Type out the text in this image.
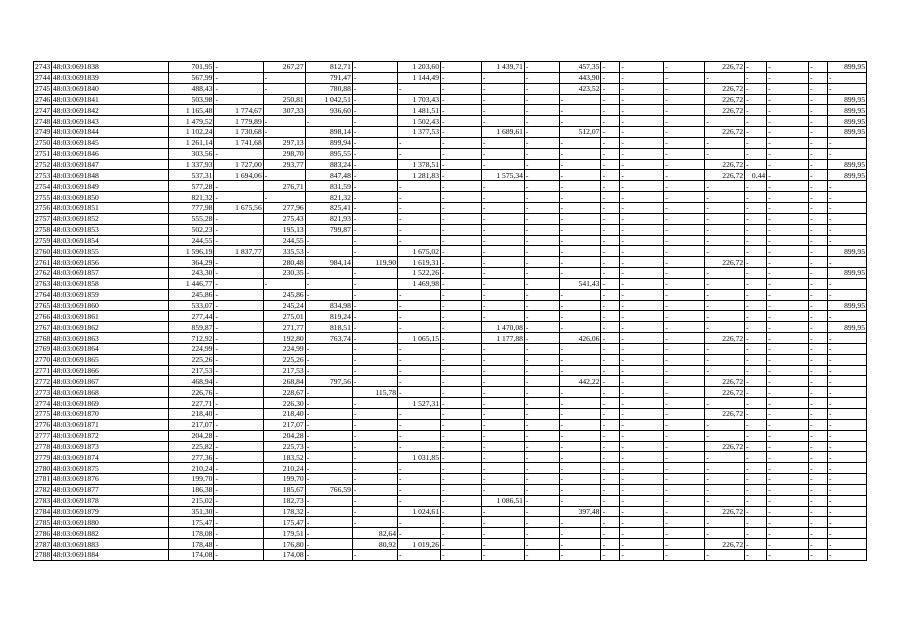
2743	48:03:0691838	701,95	-	267,27	812,71	-	1 203,60	-	1 439,71	-	457,35	-	-	-	226,72	-	-	-	899,95
2744	48:03:0691839	567,99	-	-	791,47	-	1 144,49	-	-	-	443,90	-	-	-	-	-	-	-	-
2745	48:03:0691840	488,43	-	-	780,88	-	-	-	-	-	423,52	-	-	-	226,72	-	-	-	-
2746	48:03:0691841	503,98	-	250,81	1 042,51	-	1 703,43	-	-	-	-	-	-	-	226,72	-	-	-	899,95
2747	48:03:0691842	1 165,48	1 774,67	307,33	936,60	-	1 481,51	-	-	-	-	-	-	-	226,72	-	-	-	899,95
2748	48:03:0691843	1 479,52	1 779,89	-	-	-	1 502,43	-	-	-	-	-	-	-	-	-	-	-	899,95
2749	48:03:0691844	1 102,24	1 730,68	-	898,14	-	1 377,53	-	1 689,61	-	512,07	-	-	-	226,72	-	-	-	899,95
2750	48:03:0691845	1 261,14	1 741,68	297,13	899,94	-	-	-	-	-	-	-	-	-	-	-	-	-	-
2751	48:03:0691846	303,56	-	298,70	895,55	-	-	-	-	-	-	-	-	-	-	-	-	-	-
2752	48:03:0691847	1 337,93	1 727,00	293,77	883,24	-	1 378,51	-	-	-	-	-	-	-	226,72	-	-	-	899,95
2753	48:03:0691848	537,31	1 694,06	-	847,48	-	1 281,83	-	1 575,34	-	-	-	-	-	226,72	0,44	-	-	899,95
2754	48:03:0691849	577,28	-	276,71	831,59	-	-	-	-	-	-	-	-	-	-	-	-	-	-
2755	48:03:0691850	821,32	-	-	821,32	-	-	-	-	-	-	-	-	-	-	-	-	-	-
2756	48:03:0691851	777,98	1 675,56	277,96	825,41	-	-	-	-	-	-	-	-	-	-	-	-	-	-
2757	48:03:0691852	555,28	-	275,43	821,93	-	-	-	-	-	-	-	-	-	-	-	-	-	-
2758	48:03:0691853	502,23	-	195,13	799,87	-	-	-	-	-	-	-	-	-	-	-	-	-	-
2759	48:03:0691854	244,55	-	244,55	-	-	-	-	-	-	-	-	-	-	-	-	-	-	-
2760	48:03:0691855	1 596,19	1 837,77	335,53	-	-	1 675,02	-	-	-	-	-	-	-	-	-	-	-	899,95
2761	48:03:0691856	364,29	-	280,48	984,14	119,90	1 619,31	-	-	-	-	-	-	-	226,72	-	-	-	-
2762	48:03:0691857	243,30	-	230,35	-	-	1 522,26	-	-	-	-	-	-	-	-	-	-	-	899,95
2763	48:03:0691858	1 446,77	-	-	-	-	1 469,98	-	-	-	541,43	-	-	-	-	-	-	-	-
2764	48:03:0691859	245,86	-	245,86	-	-	-	-	-	-	-	-	-	-	-	-	-	-	-
2765	48:03:0691860	533,07	-	245,24	834,98	-	-	-	-	-	-	-	-	-	-	-	-	-	899,95
2766	48:03:0691861	277,44	-	275,01	819,24	-	-	-	-	-	-	-	-	-	-	-	-	-	-
2767	48:03:0691862	859,87	-	271,77	818,51	-	-	-	1 470,08	-	-	-	-	-	-	-	-	-	899,95
2768	48:03:0691863	712,92	-	192,80	763,74	-	1 065,15	-	1 177,88	-	426,06	-	-	-	226,72	-	-	-	-
2769	48:03:0691864	224,99	-	224,99	-	-	-	-	-	-	-	-	-	-	-	-	-	-	-
2770	48:03:0691865	225,26	-	225,26	-	-	-	-	-	-	-	-	-	-	-	-	-	-	-
2771	48:03:0691866	217,53	-	217,53	-	-	-	-	-	-	-	-	-	-	-	-	-	-	-
2772	48:03:0691867	468,94	-	268,84	797,56	-	-	-	-	-	442,22	-	-	-	226,72	-	-	-	-
2773	48:03:0691868	226,76	-	228,67	-	115,78	-	-	-	-	-	-	-	-	226,72	-	-	-	-
2774	48:03:0691869	227,71	-	226,30	-	-	1 527,31	-	-	-	-	-	-	-	-	-	-	-	-
2775	48:03:0691870	218,40	-	218,40	-	-	-	-	-	-	-	-	-	-	226,72	-	-	-	-
2776	48:03:0691871	217,07	-	217,07	-	-	-	-	-	-	-	-	-	-	-	-	-	-	-
2777	48:03:0691872	204,28	-	204,28	-	-	-	-	-	-	-	-	-	-	-	-	-	-	-
2778	48:03:0691873	225,82	-	225,73	-	-	-	-	-	-	-	-	-	-	226,72	-	-	-	-
2779	48:03:0691874	277,36	-	183,52	-	-	1 031,85	-	-	-	-	-	-	-	-	-	-	-	-
2780	48:03:0691875	210,24	-	210,24	-	-	-	-	-	-	-	-	-	-	-	-	-	-	-
2781	48:03:0691876	199,70	-	199,70	-	-	-	-	-	-	-	-	-	-	-	-	-	-	-
2782	48:03:0691877	186,38	-	185,67	766,59	-	-	-	-	-	-	-	-	-	-	-	-	-	-
2783	48:03:0691878	215,02	-	182,73	-	-	-	-	1 086,51	-	-	-	-	-	-	-	-	-	-
2784	48:03:0691879	351,30	-	178,32	-	-	1 024,61	-	-	-	397,48	-	-	-	226,72	-	-	-	-
2785	48:03:0691880	175,47	-	175,47	-	-	-	-	-	-	-	-	-	-	-	-	-	-	-
2786	48:03:0691882	178,08	-	179,51	-	82,64	-	-	-	-	-	-	-	-	-	-	-	-	-
2787	48:03:0691883	178,48	-	176,80	-	80,92	1 019,26	-	-	-	-	-	-	-	226,72	-	-	-	-
2788	48:03:0691884	174,08	-	174,08	-	-	-	-	-	-	-	-	-	-	-	-	-	-	-
